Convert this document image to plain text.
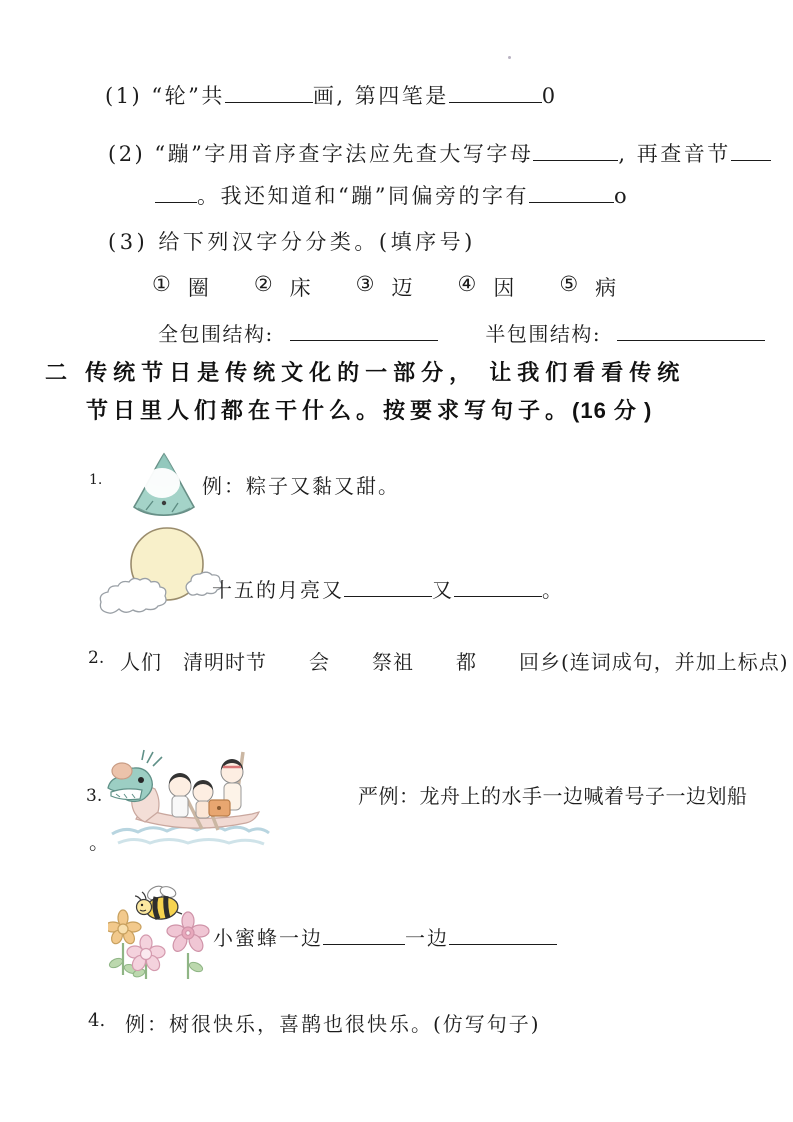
(1) “轮”共	画, 第四笔是	0
(2) “蹦”字用音序查字法应先查大写字母	, 再查音节
。我还知道和“蹦”同偏旁的字有	o
(3) 给下列汉字分分类。(填序号)
① 圈 ② 床 ③ 迈 ④ 因 ⑤ 病
全包围结构:	半包围结构:
二 传统节日是传统文化的一部分， 让我们看看传统
节日里人们都在干什么。按要求写句子。(16 分 )
1.	例：粽子又黏又甜。
十五的月亮又	又	。
2. 人们　清明时节　　会　　祭祖　　都　　回乡(连词成句，并加上标点)
3.	严例：龙舟上的水手一边喊着号子一边划船
。
小蜜蜂一边	一边
4. 例：树很快乐，喜鹊也很快乐。(仿写句子)
